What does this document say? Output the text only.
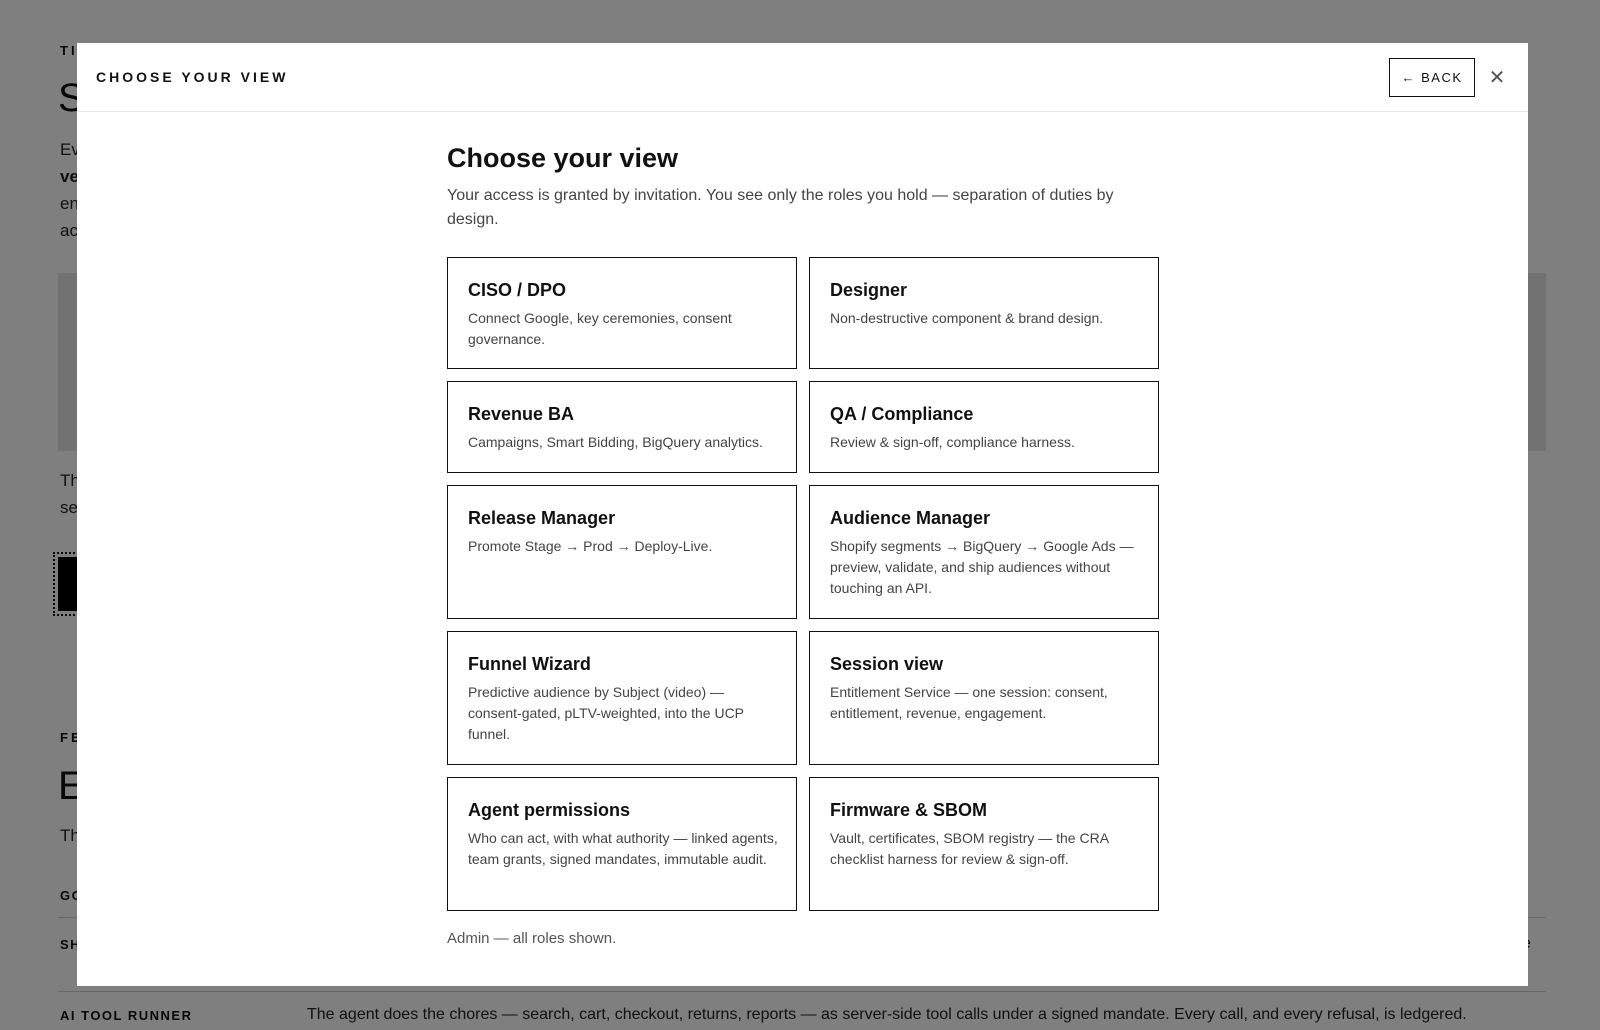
CHOOSE YOUR VIEW	← BACK ✕
Choose your view

Your access is granted by invitation. You see only the roles you hold — separation of duties by design.

CISO / DPO
Connect Google, key ceremonies, consent governance.
Designer
Non-destructive component & brand design.
Revenue BA
Campaigns, Smart Bidding, BigQuery analytics.
QA / Compliance
Review & sign-off, compliance harness.
Release Manager
Promote Stage → Prod → Deploy-Live.
Audience Manager
Shopify segments → BigQuery → Google Ads — preview, validate, and ship audiences without touching an API.
Funnel Wizard
Predictive audience by Subject (video) — consent-gated, pLTV-weighted, into the UCP funnel.
Session view
Entitlement Service — one session: consent, entitlement, revenue, engagement.
Agent permissions
Who can act, with what authority — linked agents, team grants, signed mandates, immutable audit.
Firmware & SBOM
Vault, certificates, SBOM registry — the CRA checklist harness for review & sign-off.
Admin — all roles shown.
